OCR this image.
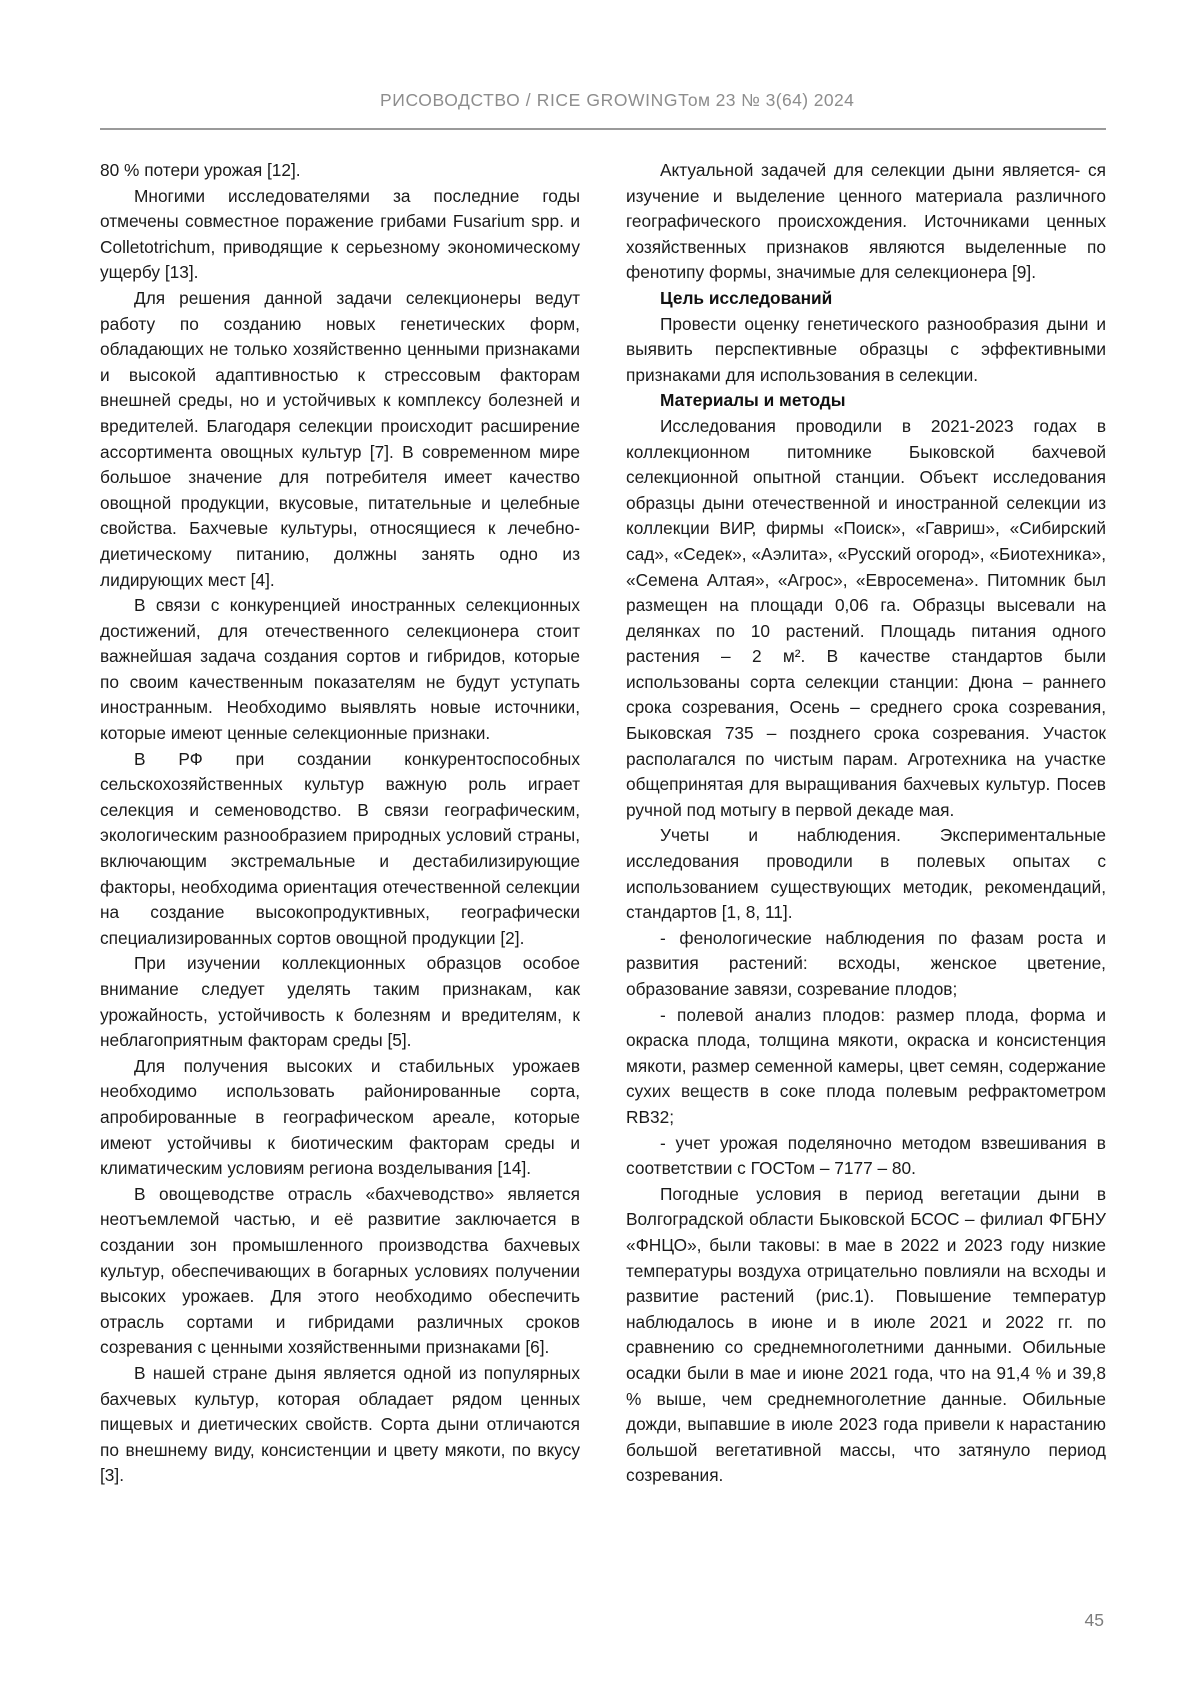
РИСОВОДСТВО / RICE GROWING Том 23 № 3(64) 2024

80 % потери урожая [12].

Многими исследователями за последние годы отмечены совместное поражение грибами Fusarium spp. и Colletotrichum, приводящие к серьезному экономическому ущербу [13].

Для решения данной задачи селекционеры ведут работу по созданию новых генетических форм, обладающих не только хозяйственно ценными признаками и высокой адаптивностью к стрессовым факторам внешней среды, но и устойчивых к комплексу болезней и вредителей. Благодаря селекции происходит расширение ассортимента овощных культур [7]. В современном мире большое значение для потребителя имеет качество овощной продукции, вкусовые, питательные и целебные свойства. Бахчевые культуры, относящиеся к лечебно-диетическому питанию, должны занять одно из лидирующих мест [4].

В связи с конкуренцией иностранных селекционных достижений, для отечественного селекционера стоит важнейшая задача создания сортов и гибридов, которые по своим качественным показателям не будут уступать иностранным. Необходимо выявлять новые источники, которые имеют ценные селекционные признаки.

В РФ при создании конкурентоспособных сельскохозяйственных культур важную роль играет селекция и семеноводство. В связи географическим, экологическим разнообразием природных условий страны, включающим экстремальные и дестабилизирующие факторы, необходима ориентация отечественной селекции на создание высокопродуктивных, географически специализированных сортов овощной продукции [2].

При изучении коллекционных образцов особое внимание следует уделять таким признакам, как урожайность, устойчивость к болезням и вредителям, к неблагоприятным факторам среды [5].

Для получения высоких и стабильных урожаев необходимо использовать районированные сорта, апробированные в географическом ареале, которые имеют устойчивы к биотическим факторам среды и климатическим условиям региона возделывания [14].

В овощеводстве отрасль «бахчеводство» является неотъемлемой частью, и её развитие заключается в создании зон промышленного производства бахчевых культур, обеспечивающих в богарных условиях получении высоких урожаев. Для этого необходимо обеспечить отрасль сортами и гибридами различных сроков созревания с ценными хозяйственными признаками [6].

В нашей стране дыня является одной из популярных бахчевых культур, которая обладает рядом ценных пищевых и диетических свойств. Сорта дыни отличаются по внешнему виду, консистенции и цвету мякоти, по вкусу [3].

Актуальной задачей для селекции дыни является- ся изучение и выделение ценного материала различного географического происхождения. Источниками ценных хозяйственных признаков являются выделенные по фенотипу формы, значимые для селекционера [9].

Цель исследований

Провести оценку генетического разнообразия дыни и выявить перспективные образцы с эффективными признаками для использования в селекции.

Материалы и методы

Исследования проводили в 2021-2023 годах в коллекционном питомнике Быковской бахчевой селекционной опытной станции. Объект исследования образцы дыни отечественной и иностранной селекции из коллекции ВИР, фирмы «Поиск», «Гавриш», «Сибирский сад», «Седек», «Аэлита», «Русский огород», «Биотехника», «Семена Алтая», «Агрос», «Евросемена». Питомник был размещен на площади 0,06 га. Образцы высевали на делянках по 10 растений. Площадь питания одного растения – 2 м². В качестве стандартов были использованы сорта селекции станции: Дюна – раннего срока созревания, Осень – среднего срока созревания, Быковская 735 – позднего срока созревания. Участок располагался по чистым парам. Агротехника на участке общепринятая для выращивания бахчевых культур. Посев ручной под мотыгу в первой декаде мая.

Учеты и наблюдения. Экспериментальные исследования проводили в полевых опытах с использованием существующих методик, рекомендаций, стандартов [1, 8, 11].

- фенологические наблюдения по фазам роста и развития растений: всходы, женское цветение, образование завязи, созревание плодов;

- полевой анализ плодов: размер плода, форма и окраска плода, толщина мякоти, окраска и консистенция мякоти, размер семенной камеры, цвет семян, содержание сухих веществ в соке плода полевым рефрактометром RВ32;

- учет урожая поделяночно методом взвешивания в соответствии с ГОСТом – 7177 – 80.

Погодные условия в период вегетации дыни в Волгоградской области Быковской БСОС – филиал ФГБНУ «ФНЦО», были таковы: в мае в 2022 и 2023 году низкие температуры воздуха отрицательно повлияли на всходы и развитие растений (рис.1). Повышение температур наблюдалось в июне и в июле 2021 и 2022 гг. по сравнению со среднемноголетними данными. Обильные осадки были в мае и июне 2021 года, что на 91,4 % и 39,8 % выше, чем среднемноголетние данные. Обильные дожди, выпавшие в июле 2023 года привели к нарастанию большой вегетативной массы, что затянуло период созревания.

45
